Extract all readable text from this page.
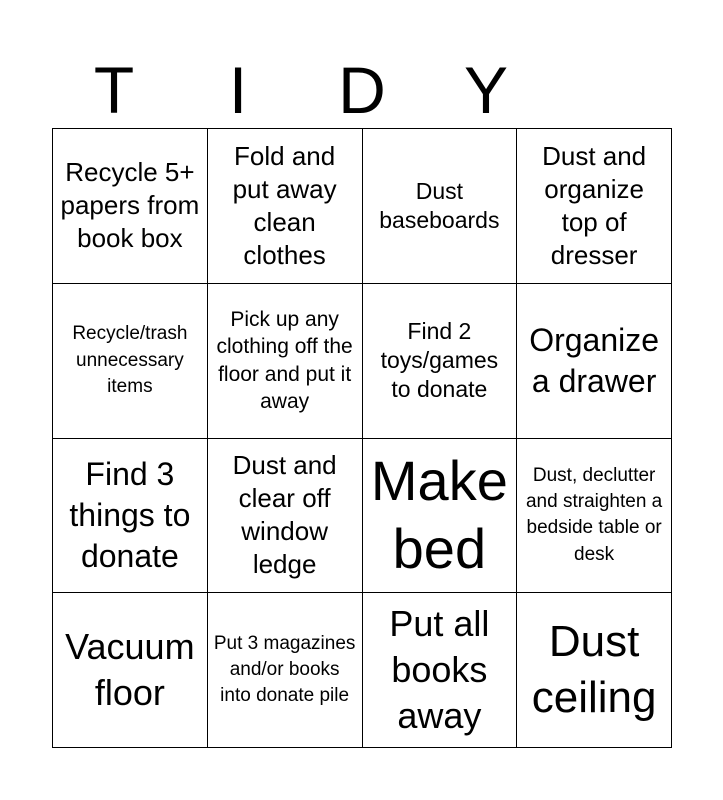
T	I	D	Y
Recycle 5+ papers from book box
Fold and put away clean clothes
Dust baseboards
Dust and organize top of dresser
Recycle/trash unnecessary items
Pick up any clothing off the floor and put it away
Find 2 toys/games to donate
Organize a drawer
Find 3 things to donate
Dust and clear off window ledge
Make bed
Dust, declutter and straighten a bedside table or desk
Vacuum floor
Put 3 magazines and/or books into donate pile
Put all books away
Dust ceiling
